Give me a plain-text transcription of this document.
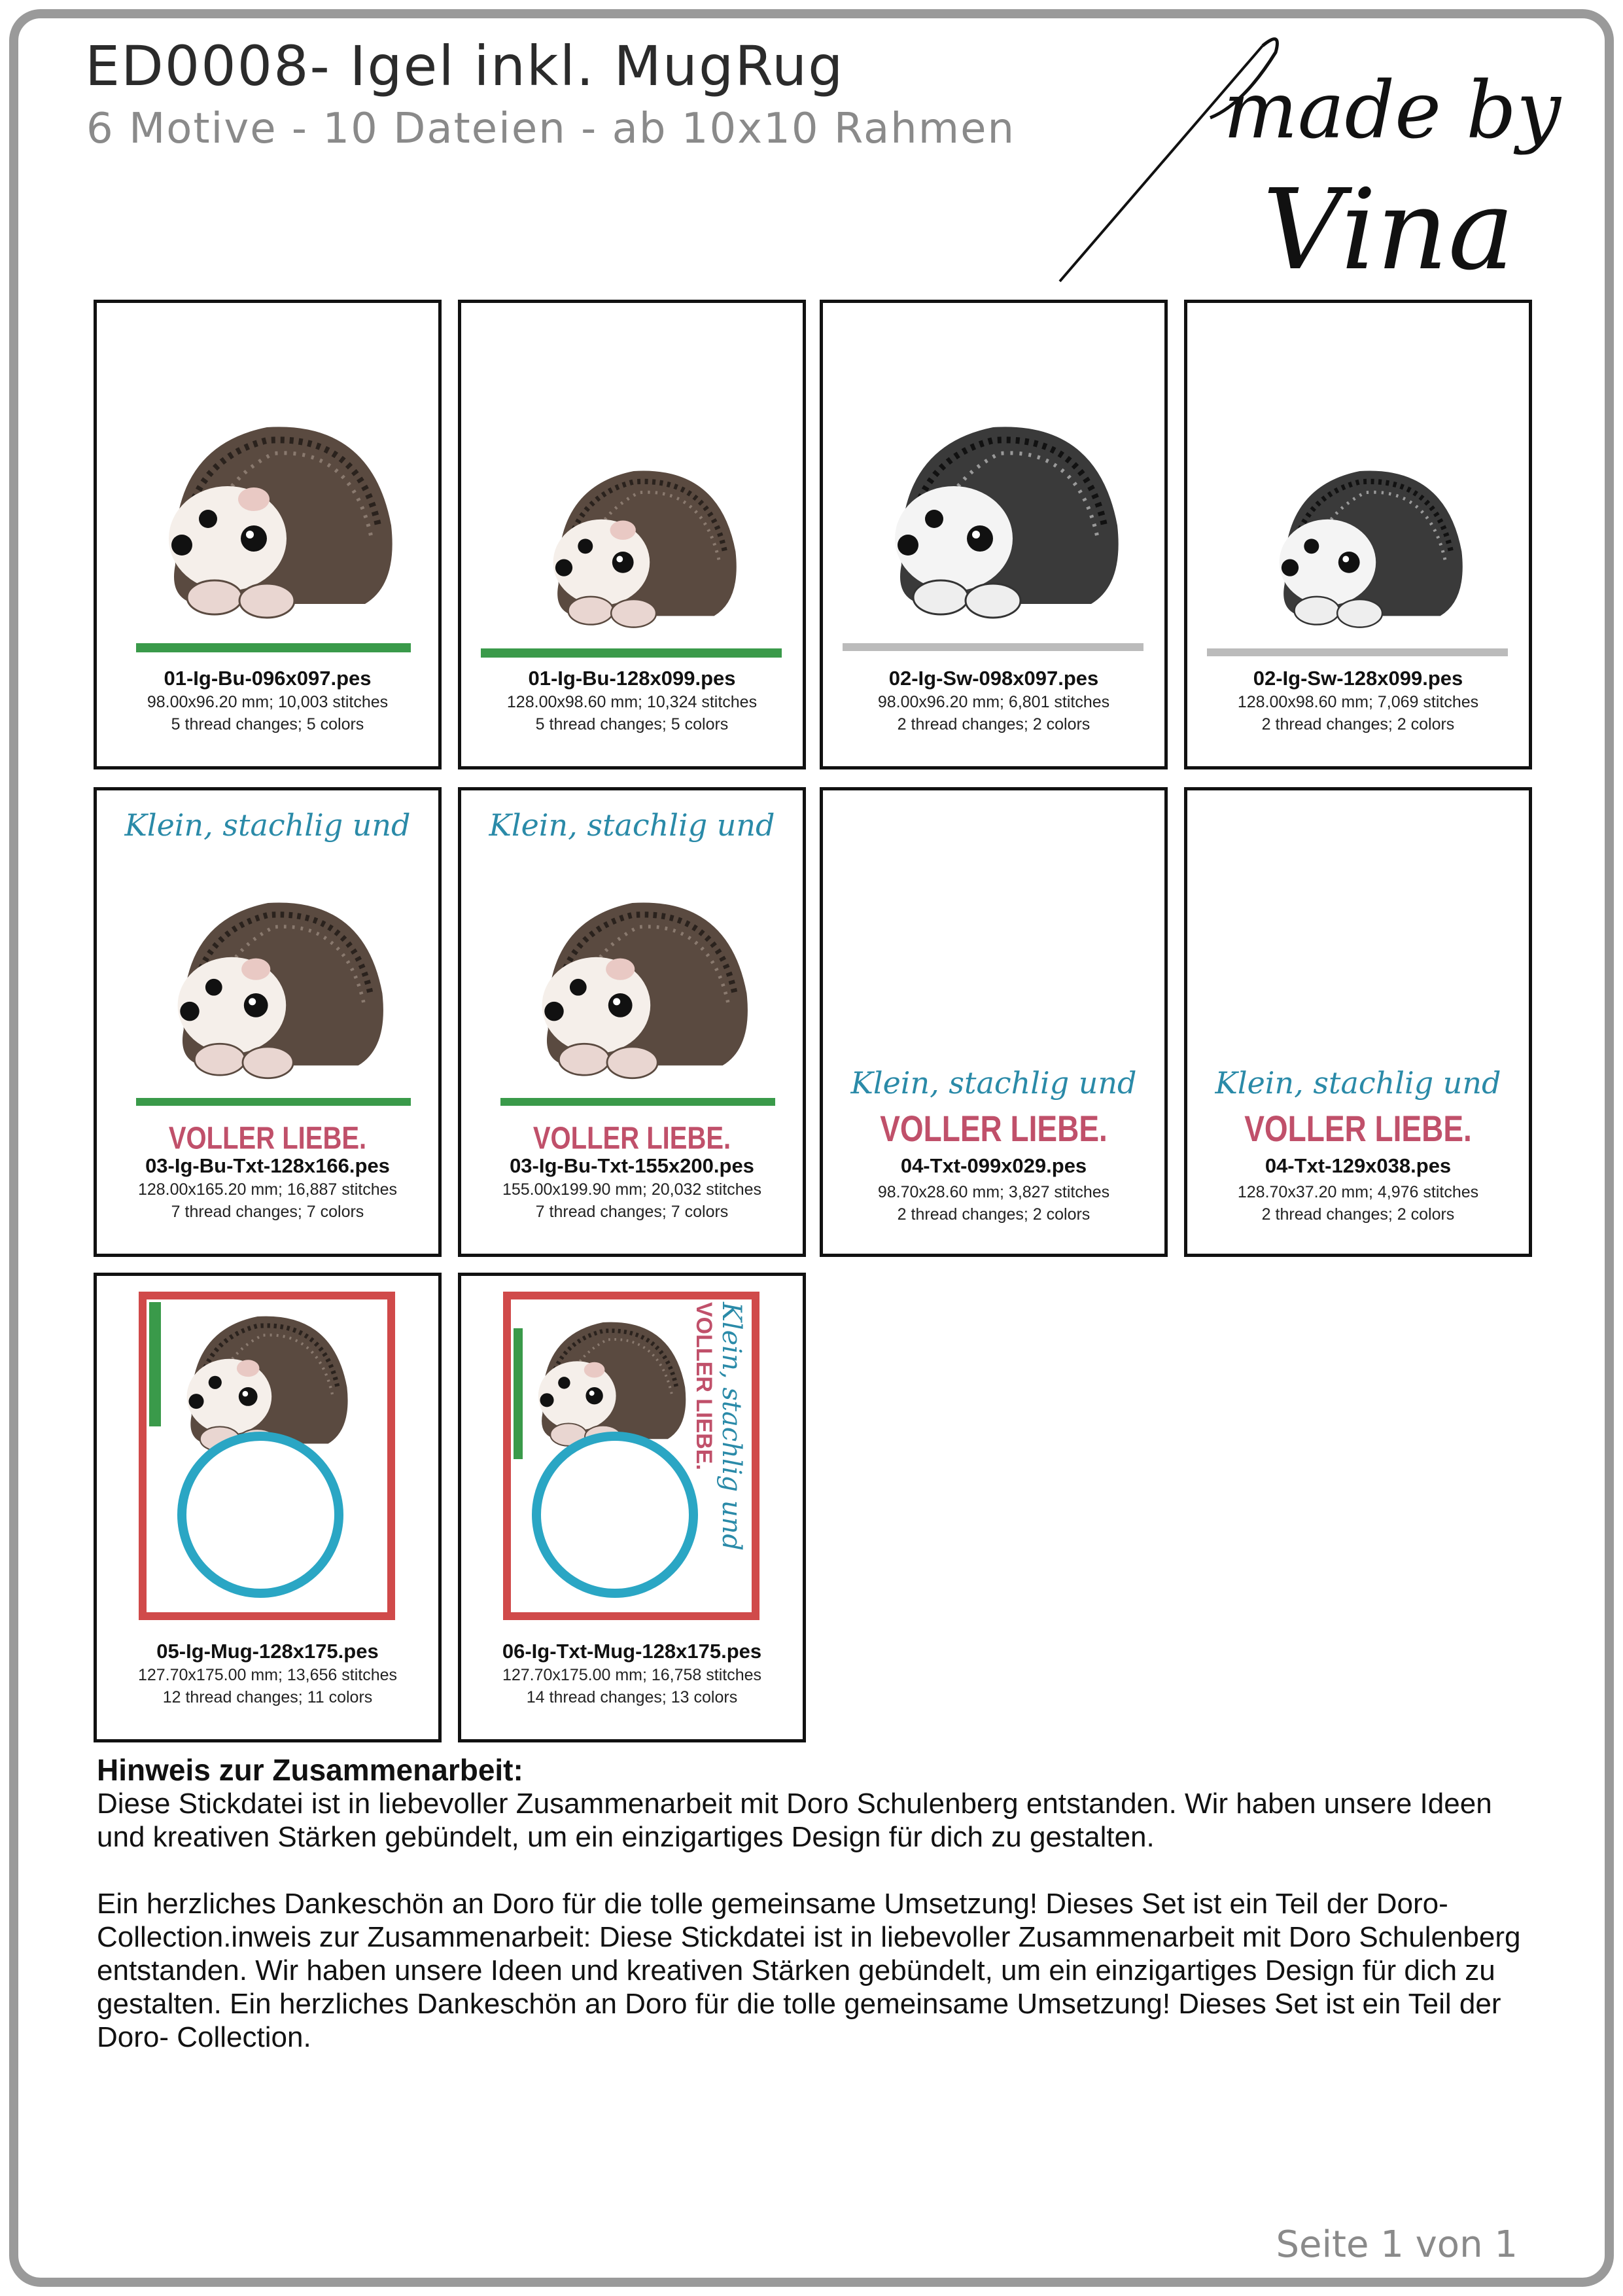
ED0008- Igel inkl. MugRug
6 Motive - 10 Dateien - ab 10x10 Rahmen	made by
Vina
01-Ig-Bu-096x097.pes
98.00x96.20 mm; 10,003 stitches
5 thread changes; 5 colors
01-Ig-Bu-128x099.pes
128.00x98.60 mm; 10,324 stitches
5 thread changes; 5 colors
02-Ig-Sw-098x097.pes
98.00x96.20 mm; 6,801 stitches
2 thread changes; 2 colors
02-Ig-Sw-128x099.pes
128.00x98.60 mm; 7,069 stitches
2 thread changes; 2 colors
Klein, stachlig und
VOLLER LIEBE.
03-Ig-Bu-Txt-128x166.pes
128.00x165.20 mm; 16,887 stitches
7 thread changes; 7 colors
Klein, stachlig und
VOLLER LIEBE.
03-Ig-Bu-Txt-155x200.pes
155.00x199.90 mm; 20,032 stitches
7 thread changes; 7 colors
Klein, stachlig und
VOLLER LIEBE.
04-Txt-099x029.pes
98.70x28.60 mm; 3,827 stitches
2 thread changes; 2 colors
Klein, stachlig und
VOLLER LIEBE.
04-Txt-129x038.pes
128.70x37.20 mm; 4,976 stitches
2 thread changes; 2 colors
05-Ig-Mug-128x175.pes
127.70x175.00 mm; 13,656 stitches
12 thread changes; 11 colors
Klein, stachlig und
VOLLER LIEBE.
06-Ig-Txt-Mug-128x175.pes
127.70x175.00 mm; 16,758 stitches
14 thread changes; 13 colors
Hinweis zur Zusammenarbeit:

Diese Stickdatei ist in liebevoller Zusammenarbeit mit Doro Schulenberg entstanden. Wir haben unsere Ideen und kreativen Stärken gebündelt, um ein einzigartiges Design für dich zu gestalten.

Ein herzliches Dankeschön an Doro für die tolle gemeinsame Umsetzung! Dieses Set ist ein Teil der Doro- Collection.inweis zur Zusammenarbeit: Diese Stickdatei ist in liebevoller Zusammenarbeit mit Doro Schulenberg entstanden. Wir haben unsere Ideen und kreativen Stärken gebündelt, um ein einzigartiges Design für dich zu gestalten. Ein herzliches Dankeschön an Doro für die tolle gemeinsame Umsetzung! Dieses Set ist ein Teil der Doro- Collection.

Seite 1 von 1
